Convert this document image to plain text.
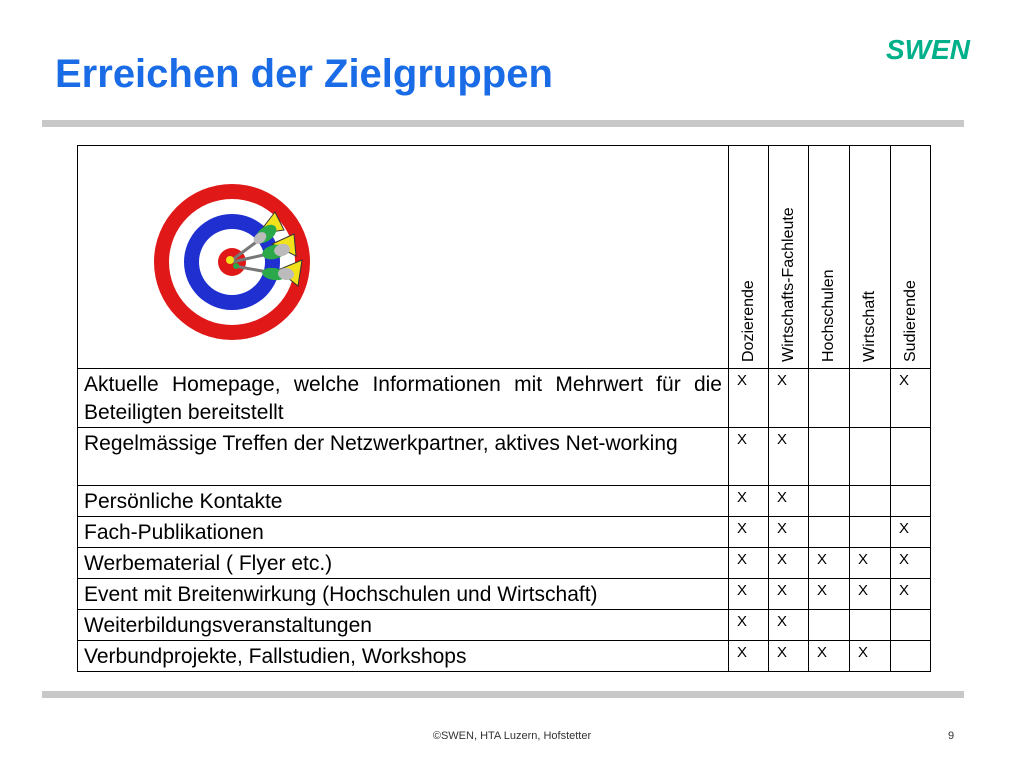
Erreichen der Zielgruppen
SWEN

Dozierende	Wirtschafts-Fachleute	Hochschulen	Wirtschaft	Sudierende

Aktuelle Homepage, welche Informationen mit Mehrwert für die Beteiligten bereitstellt	X	X			X
Regelmässige Treffen der Netzwerkpartner, aktives Net-working	X	X			
Persönliche Kontakte	X	X			
Fach-Publikationen	X	X			X
Werbematerial ( Flyer etc.)	X	X	X	X	X
Event mit Breitenwirkung (Hochschulen und Wirtschaft)	X	X	X	X	X
Weiterbildungsveranstaltungen	X	X			
Verbundprojekte, Fallstudien, Workshops	X	X	X	X	
©SWEN, HTA Luzern, Hofstetter	9
